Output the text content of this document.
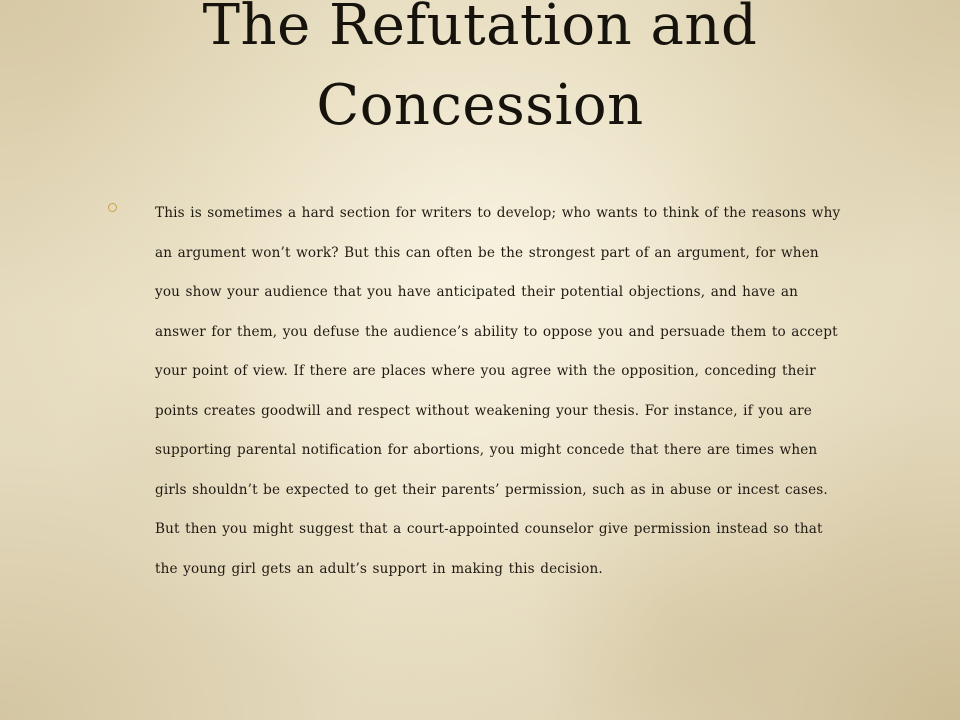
The Refutation and Concession

This is sometimes a hard section for writers to develop; who wants to think of the reasons why an argument won’t work? But this can often be the strongest part of an argument, for when you show your audience that you have anticipated their potential objections, and have an answer for them, you defuse the audience’s ability to oppose you and persuade them to accept your point of view. If there are places where you agree with the opposition, conceding their points creates goodwill and respect without weakening your thesis. For instance, if you are supporting parental notification for abortions, you might concede that there are times when girls shouldn’t be expected to get their parents’ permission, such as in abuse or incest cases. But then you might suggest that a court-appointed counselor give permission instead so that the young girl gets an adult’s support in making this decision.
